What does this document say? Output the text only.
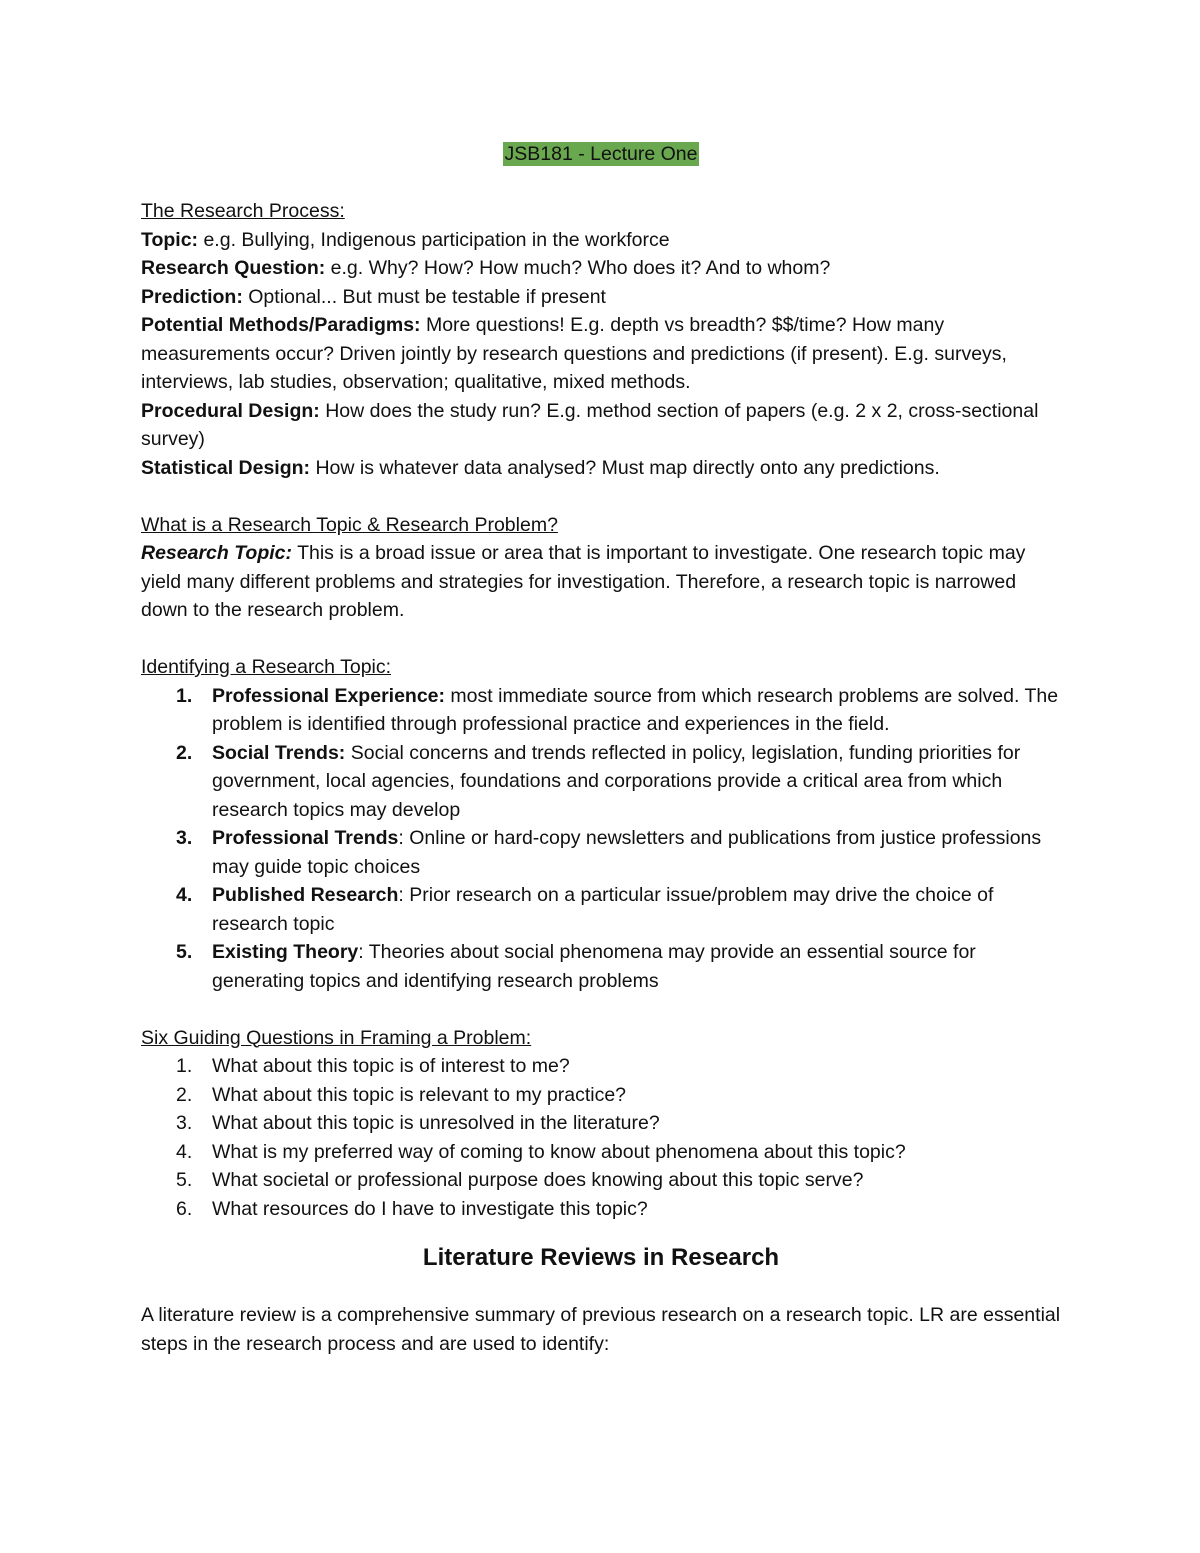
JSB181 - Lecture One

The Research Process:

Topic: e.g. Bullying, Indigenous participation in the workforce

Research Question: e.g. Why? How? How much? Who does it? And to whom?

Prediction: Optional... But must be testable if present

Potential Methods/Paradigms: More questions! E.g. depth vs breadth? $$/time? How many measurements occur? Driven jointly by research questions and predictions (if present). E.g. surveys, interviews, lab studies, observation; qualitative, mixed methods.

Procedural Design: How does the study run? E.g. method section of papers (e.g. 2 x 2, cross-sectional survey)

Statistical Design: How is whatever data analysed? Must map directly onto any predictions.

What is a Research Topic & Research Problem?

Research Topic: This is a broad issue or area that is important to investigate. One research topic may yield many different problems and strategies for investigation. Therefore, a research topic is narrowed down to the research problem.

Identifying a Research Topic:

1. Professional Experience: most immediate source from which research problems are solved. The problem is identified through professional practice and experiences in the field.
2. Social Trends: Social concerns and trends reflected in policy, legislation, funding priorities for government, local agencies, foundations and corporations provide a critical area from which research topics may develop
3. Professional Trends: Online or hard-copy newsletters and publications from justice professions may guide topic choices
4. Published Research: Prior research on a particular issue/problem may drive the choice of research topic
5. Existing Theory: Theories about social phenomena may provide an essential source for generating topics and identifying research problems

Six Guiding Questions in Framing a Problem:

1. What about this topic is of interest to me?
2. What about this topic is relevant to my practice?
3. What about this topic is unresolved in the literature?
4. What is my preferred way of coming to know about phenomena about this topic?
5. What societal or professional purpose does knowing about this topic serve?
6. What resources do I have to investigate this topic?
Literature Reviews in Research

A literature review is a comprehensive summary of previous research on a research topic. LR are essential steps in the research process and are used to identify:
